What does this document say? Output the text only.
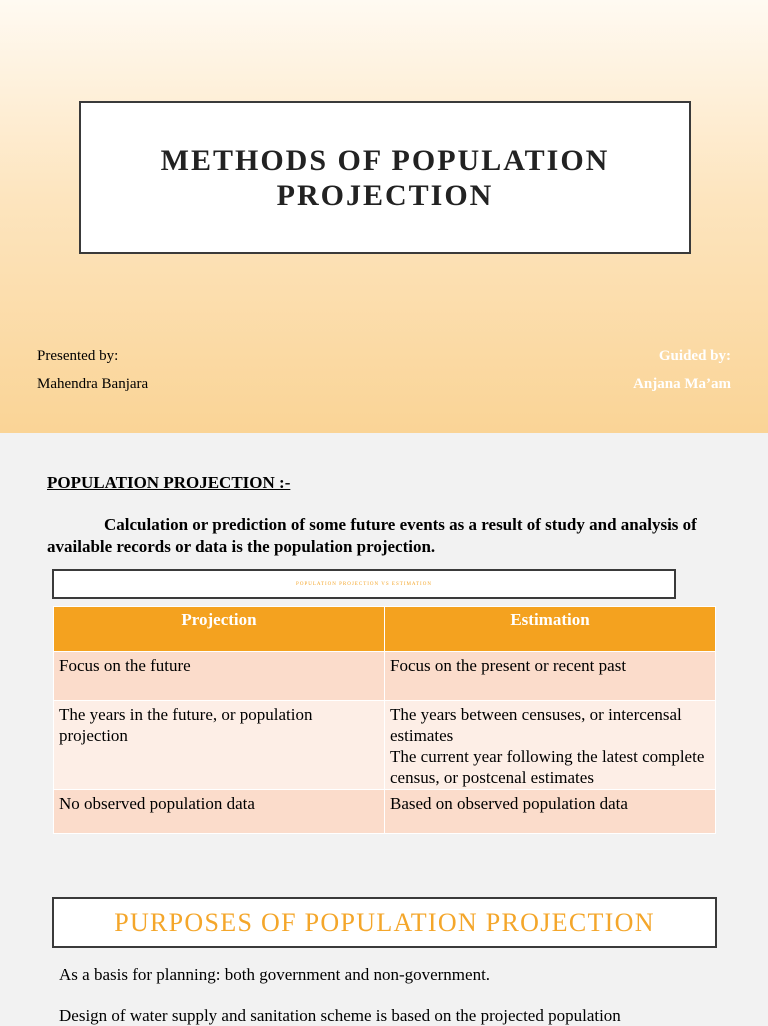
METHODS OF POPULATION
PROJECTION
Presented by:
Mahendra Banjara
Guided by:
Anjana Ma’am
POPULATION PROJECTION :-
Calculation or prediction of some future events as a result of study and analysis of available records or data is the population projection.
POPULATION PROJECTION VS ESTIMATION
Projection	Estimation

Focus on the future	Focus on the present or recent past

The years in the future, or population projection	The years between censuses, or intercensal estimates
The current year following the latest complete census, or postcenal estimates

No observed population data	Based on observed population data
PURPOSES OF POPULATION PROJECTION
As a basis for planning: both government and non-government.
Design of water supply and sanitation scheme is based on the projected population
